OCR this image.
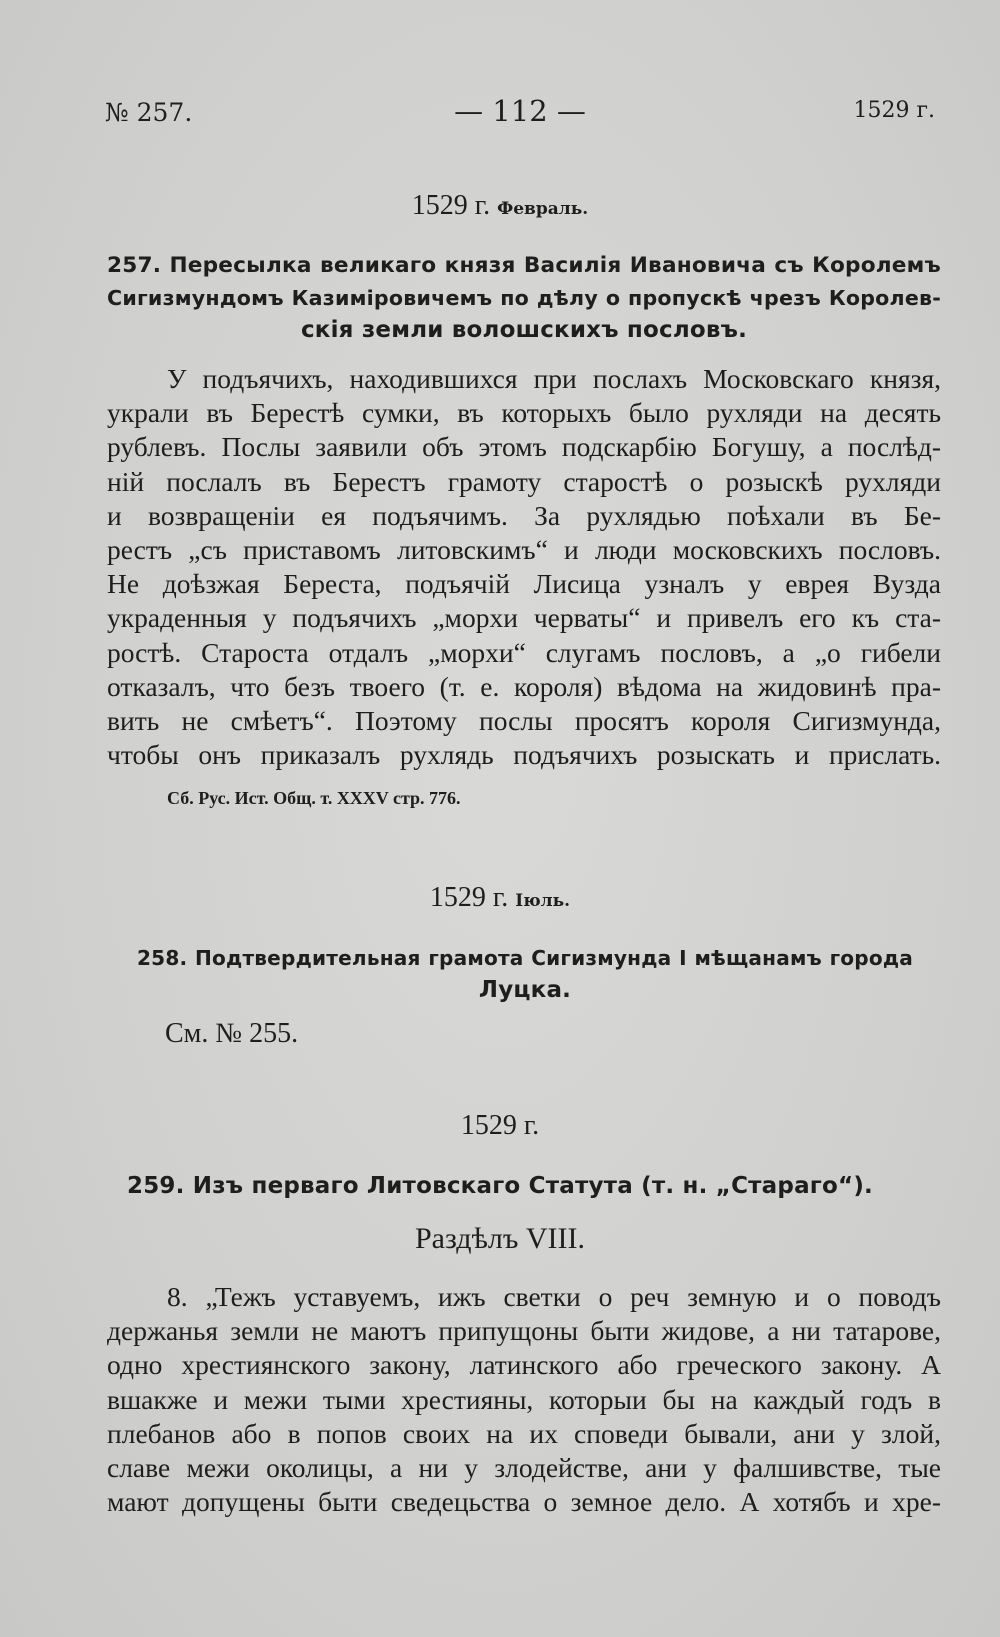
№ 257.	— 112 —	1529 г.
1529 г. Февраль.
257. Пересылка великаго князя Василія Ивановича съ Королемъ
Сигизмундомъ Казиміровичемъ по дѣлу о пропускѣ чрезъ Королев-
скія земли волошскихъ пословъ.
У подъячихъ, находившихся при послахъ Московскаго князя,
украли въ Берестѣ сумки, въ которыхъ было рухляди на десять
рублевъ. Послы заявили объ этомъ подскарбію Богушу, а послѣд-
ній послалъ въ Берестъ грамоту старостѣ о розыскѣ рухляди
и возвращеніи ея подъячимъ. За рухлядью поѣхали въ Бе-
рестъ „съ приставомъ литовскимъ“ и люди московскихъ пословъ.
Не доѣзжая Береста, подъячій Лисица узналъ у еврея Вузда
украденныя у подъячихъ „морхи черваты“ и привелъ его къ ста-
ростѣ. Староста отдалъ „морхи“ слугамъ пословъ, а „о гибели
отказалъ, что безъ твоего (т. е. короля) вѣдома на жидовинѣ пра-
вить не смѣетъ“. Поэтому послы просятъ короля Сигизмунда,
чтобы онъ приказалъ рухлядь подъячихъ розыскать и прислать.
Сб. Рус. Ист. Общ. т. XXXV стр. 776.
1529 г. Іюль.
258. Подтвердительная грамота Сигизмунда I мѣщанамъ города
Луцка.
См. № 255.
1529 г.
259. Изъ перваго Литовскаго Статута (т. н. „Стараго“).
Раздѣлъ VIII.
8. „Тежъ уставуемъ, ижъ светки о реч земную и о поводъ
держанья земли не маютъ припущоны быти жидове, а ни татарове,
одно хрестиянского закону, латинского або греческого закону. А
вшакже и межи тыми хрестияны, которыи бы на каждый годъ в
плебанов або в попов своих на их споведи бывали, ани у злой,
славе межи околицы, а ни у злодействе, ани у фалшивстве, тые
мают допущены быти сведецьства о земное дело. А хотябъ и хре-
